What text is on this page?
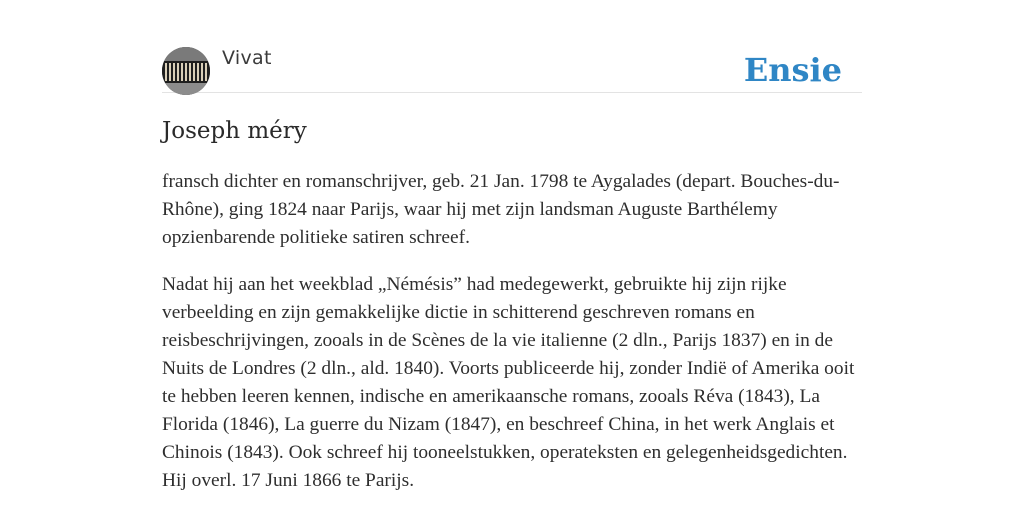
Vivat	Ensie
Joseph méry

fransch dichter en romanschrijver, geb. 21 Jan. 1798 te Aygalades (depart. Bouches-du-Rhône), ging 1824 naar Parijs, waar hij met zijn landsman Auguste Barthélemy opzienbarende politieke satiren schreef.

Nadat hij aan het weekblad „Némésis” had medegewerkt, gebruikte hij zijn rijke verbeelding en zijn gemakkelijke dictie in schitterend geschreven romans en reisbeschrijvingen, zooals in de Scènes de la vie italienne (2 dln., Parijs 1837) en in de Nuits de Londres (2 dln., ald. 1840). Voorts publiceerde hij, zonder Indië of Amerika ooit te hebben leeren kennen, indische en amerikaansche romans, zooals Réva (1843), La Florida (1846), La guerre du Nizam (1847), en beschreef China, in het werk Anglais et Chinois (1843). Ook schreef hij tooneelstukken, operateksten en gelegenheidsgedichten. Hij overl. 17 Juni 1866 te Parijs.
